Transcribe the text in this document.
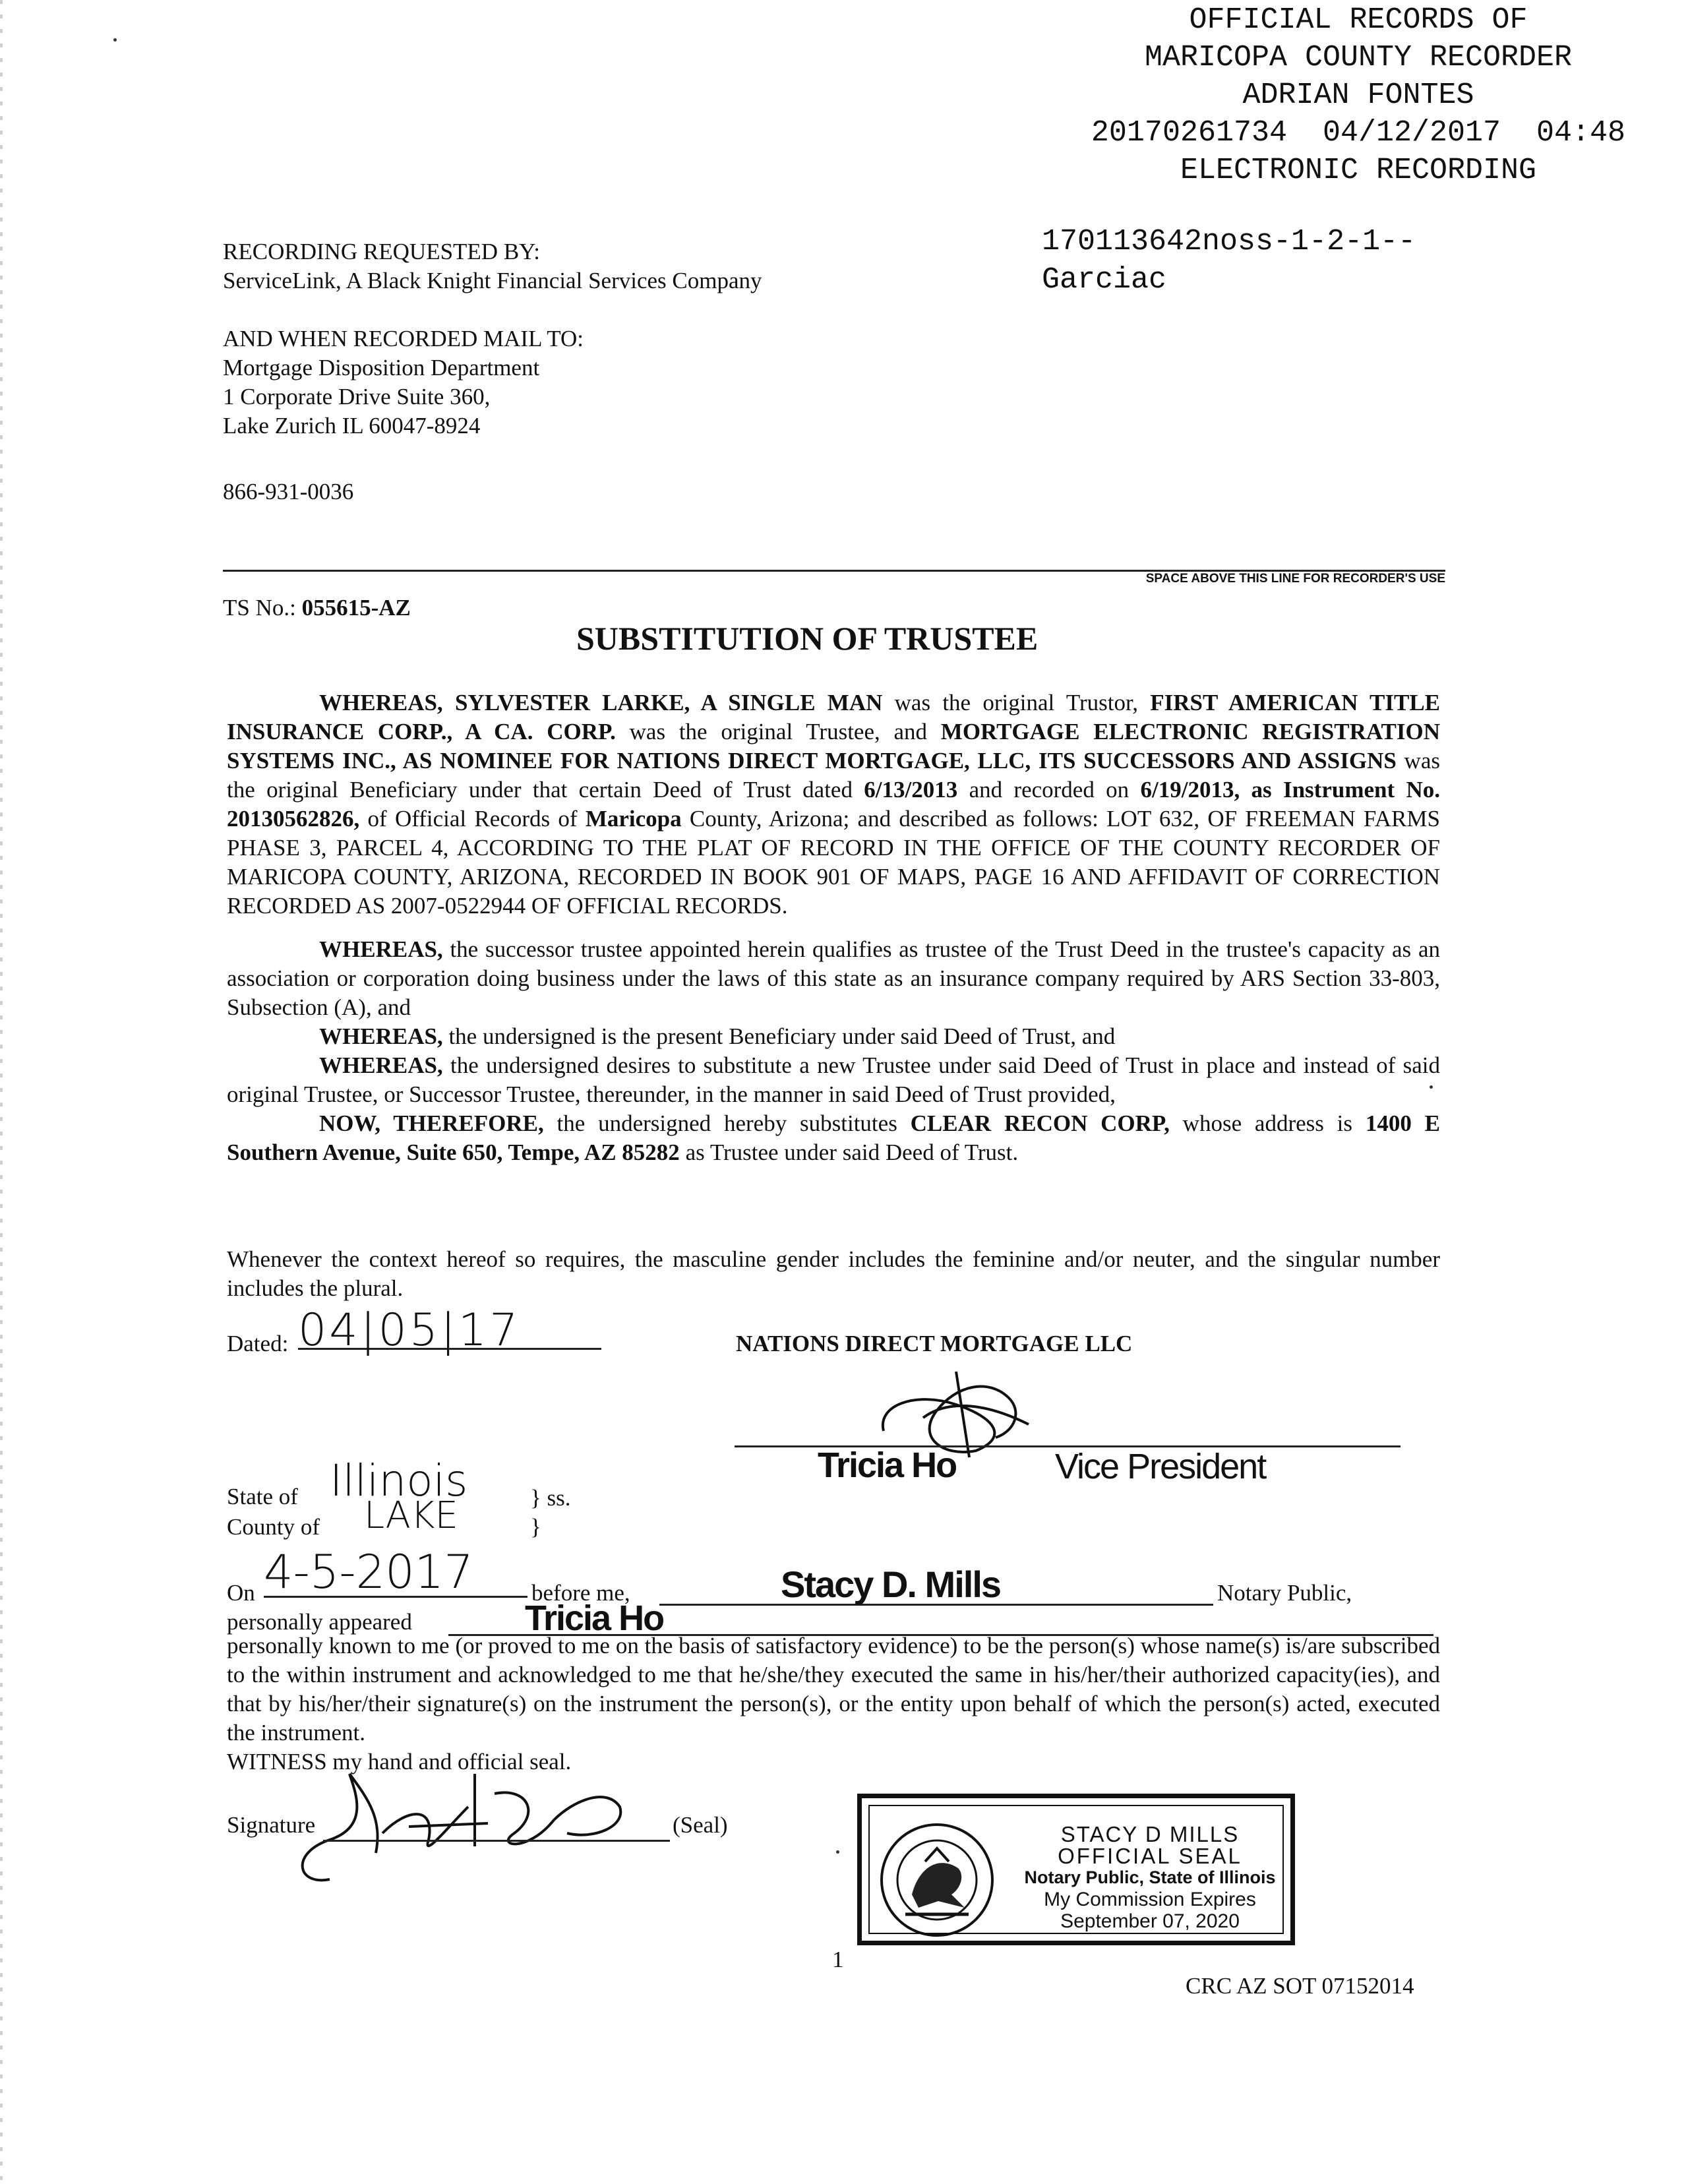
OFFICIAL RECORDS OF
MARICOPA COUNTY RECORDER
ADRIAN FONTES
20170261734  04/12/2017  04:48
ELECTRONIC RECORDING
170113642noss-1-2-1--
Garciac
RECORDING REQUESTED BY:
ServiceLink, A Black Knight Financial Services Company
AND WHEN RECORDED MAIL TO:
Mortgage Disposition Department
1 Corporate Drive Suite 360,
Lake Zurich IL 60047-8924
866-931-0036
SPACE ABOVE THIS LINE FOR RECORDER'S USE
TS No.: 055615-AZ
SUBSTITUTION OF TRUSTEE

WHEREAS, SYLVESTER LARKE, A SINGLE MAN was the original Trustor, FIRST AMERICAN TITLE INSURANCE CORP., A CA. CORP. was the original Trustee, and MORTGAGE ELECTRONIC REGISTRATION SYSTEMS INC., AS NOMINEE FOR NATIONS DIRECT MORTGAGE, LLC, ITS SUCCESSORS AND ASSIGNS was the original Beneficiary under that certain Deed of Trust dated 6/13/2013 and recorded on 6/19/2013, as Instrument No. 20130562826, of Official Records of Maricopa County, Arizona; and described as follows: LOT 632, OF FREEMAN FARMS PHASE 3, PARCEL 4, ACCORDING TO THE PLAT OF RECORD IN THE OFFICE OF THE COUNTY RECORDER OF MARICOPA COUNTY, ARIZONA, RECORDED IN BOOK 901 OF MAPS, PAGE 16 AND AFFIDAVIT OF CORRECTION RECORDED AS 2007-0522944 OF OFFICIAL RECORDS.

WHEREAS, the successor trustee appointed herein qualifies as trustee of the Trust Deed in the trustee's capacity as an association or corporation doing business under the laws of this state as an insurance company required by ARS Section 33-803, Subsection (A), and

WHEREAS, the undersigned is the present Beneficiary under said Deed of Trust, and

WHEREAS, the undersigned desires to substitute a new Trustee under said Deed of Trust in place and instead of said original Trustee, or Successor Trustee, thereunder, in the manner in said Deed of Trust provided,

NOW, THEREFORE, the undersigned hereby substitutes CLEAR RECON CORP, whose address is 1400 E Southern Avenue, Suite 650, Tempe, AZ 85282 as Trustee under said Deed of Trust.

Whenever the context hereof so requires, the masculine gender includes the feminine and/or neuter, and the singular number includes the plural.
Dated: 04|05|17	NATIONS DIRECT MORTGAGE LLC
Tricia Ho	Vice President
State of Illinois
County of LAKE	} ss.
}
On 4-5-2017	before me,	Stacy D. Mills	Notary Public,
personally appeared	Tricia Ho
personally known to me (or proved to me on the basis of satisfactory evidence) to be the person(s) whose name(s) is/are subscribed to the within instrument and acknowledged to me that he/she/they executed the same in his/her/their authorized capacity(ies), and that by his/her/their signature(s) on the instrument the person(s), or the entity upon behalf of which the person(s) acted, executed the instrument.
WITNESS my hand and official seal.
Signature	(Seal)	STACY D MILLS
OFFICIAL SEAL
Notary Public, State of Illinois
My Commission Expires
September 07, 2020
1
CRC AZ SOT 07152014
